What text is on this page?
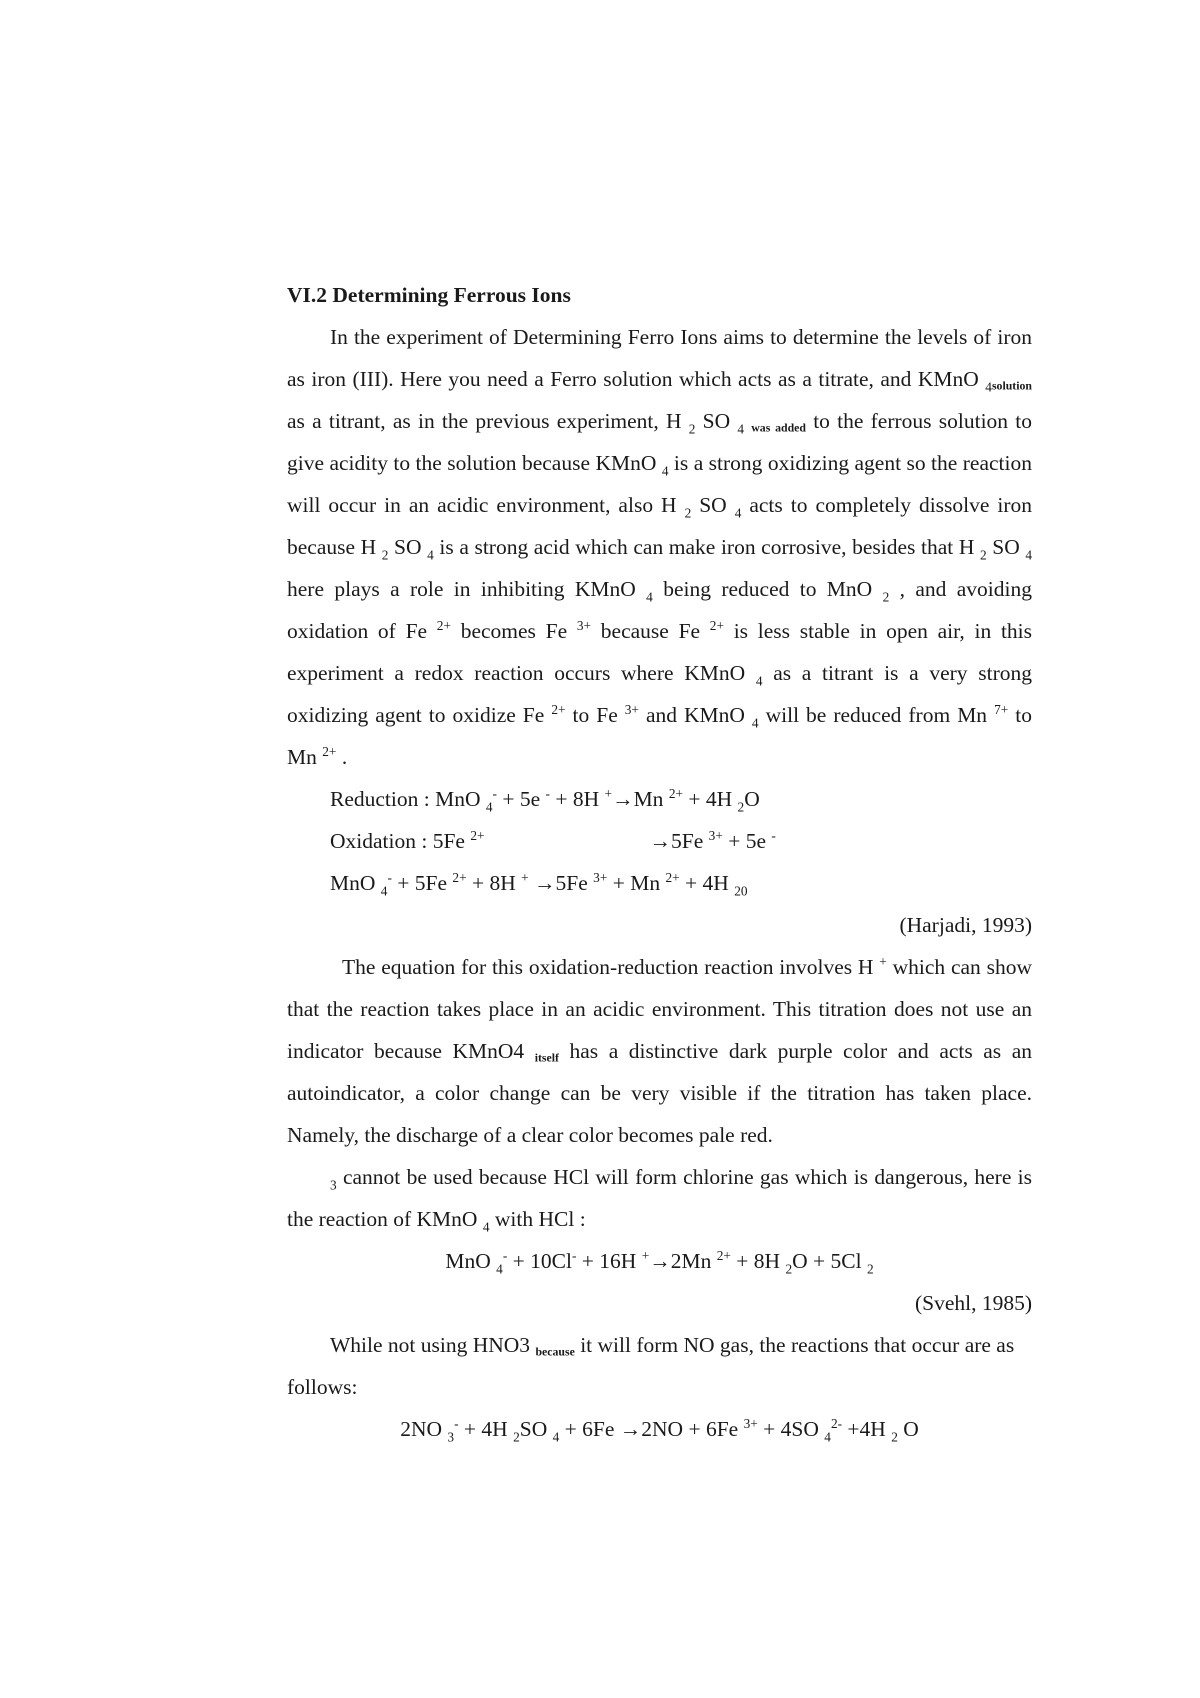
VI.2 Determining Ferrous Ions

In the experiment of Determining Ferro Ions aims to determine the levels of iron as iron (III). Here you need a Ferro solution which acts as a titrate, and KMnO $_4$solution as a titrant, as in the previous experiment, H $_2$ SO $_4$ was added to the ferrous solution to give acidity to the solution because KMnO $_4$ is a strong oxidizing agent so the reaction will occur in an acidic environment, also H $_2$ SO $_4$ acts to completely dissolve iron because H $_2$ SO $_4$ is a strong acid which can make iron corrosive, besides that H $_2$ SO $_4$ here plays a role in inhibiting KMnO $_4$ being reduced to MnO $_2$ , and avoiding oxidation of Fe $^{2+}$ becomes Fe $^{3+}$ because Fe $^{2+}$ is less stable in open air, in this experiment a redox reaction occurs where KMnO $_4$ as a titrant is a very strong oxidizing agent to oxidize Fe $^{2+}$ to Fe $^{3+}$ and KMnO $_4$ will be reduced from Mn $^{7+}$ to Mn $^{2+}$ .

Reduction : MnO $_4$- + 5e - + 8H +→Mn $^{2+}$ + 4H $_2$O
Oxidation : 5Fe $^{2+}$	→5Fe $^{3+}$ + 5e -
MnO $_4$- + 5Fe $^{2+}$ + 8H + →5Fe $^{3+}$ + Mn $^{2+}$ + 4H $_{20}$
(Harjadi, 1993)

The equation for this oxidation-reduction reaction involves H + which can show that the reaction takes place in an acidic environment. This titration does not use an indicator because KMnO4 itself has a distinctive dark purple color and acts as an autoindicator, a color change can be very visible if the titration has taken place. Namely, the discharge of a clear color becomes pale red.

$_3$ cannot be used because HCl will form chlorine gas which is dangerous, here is the reaction of KMnO $_4$ with HCl :

MnO $_4$- + 10Cl- + 16H +→2Mn $^{2+}$ + 8H $_2$O + 5Cl $_2$
(Svehl, 1985)

While not using HNO3 because it will form NO gas, the reactions that occur are as follows:

2NO $_3$- + 4H $_2$SO $_4$ + 6Fe →2NO + 6Fe $^{3+}$ + 4SO $_4^{2-}$ +4H $_2$ O
